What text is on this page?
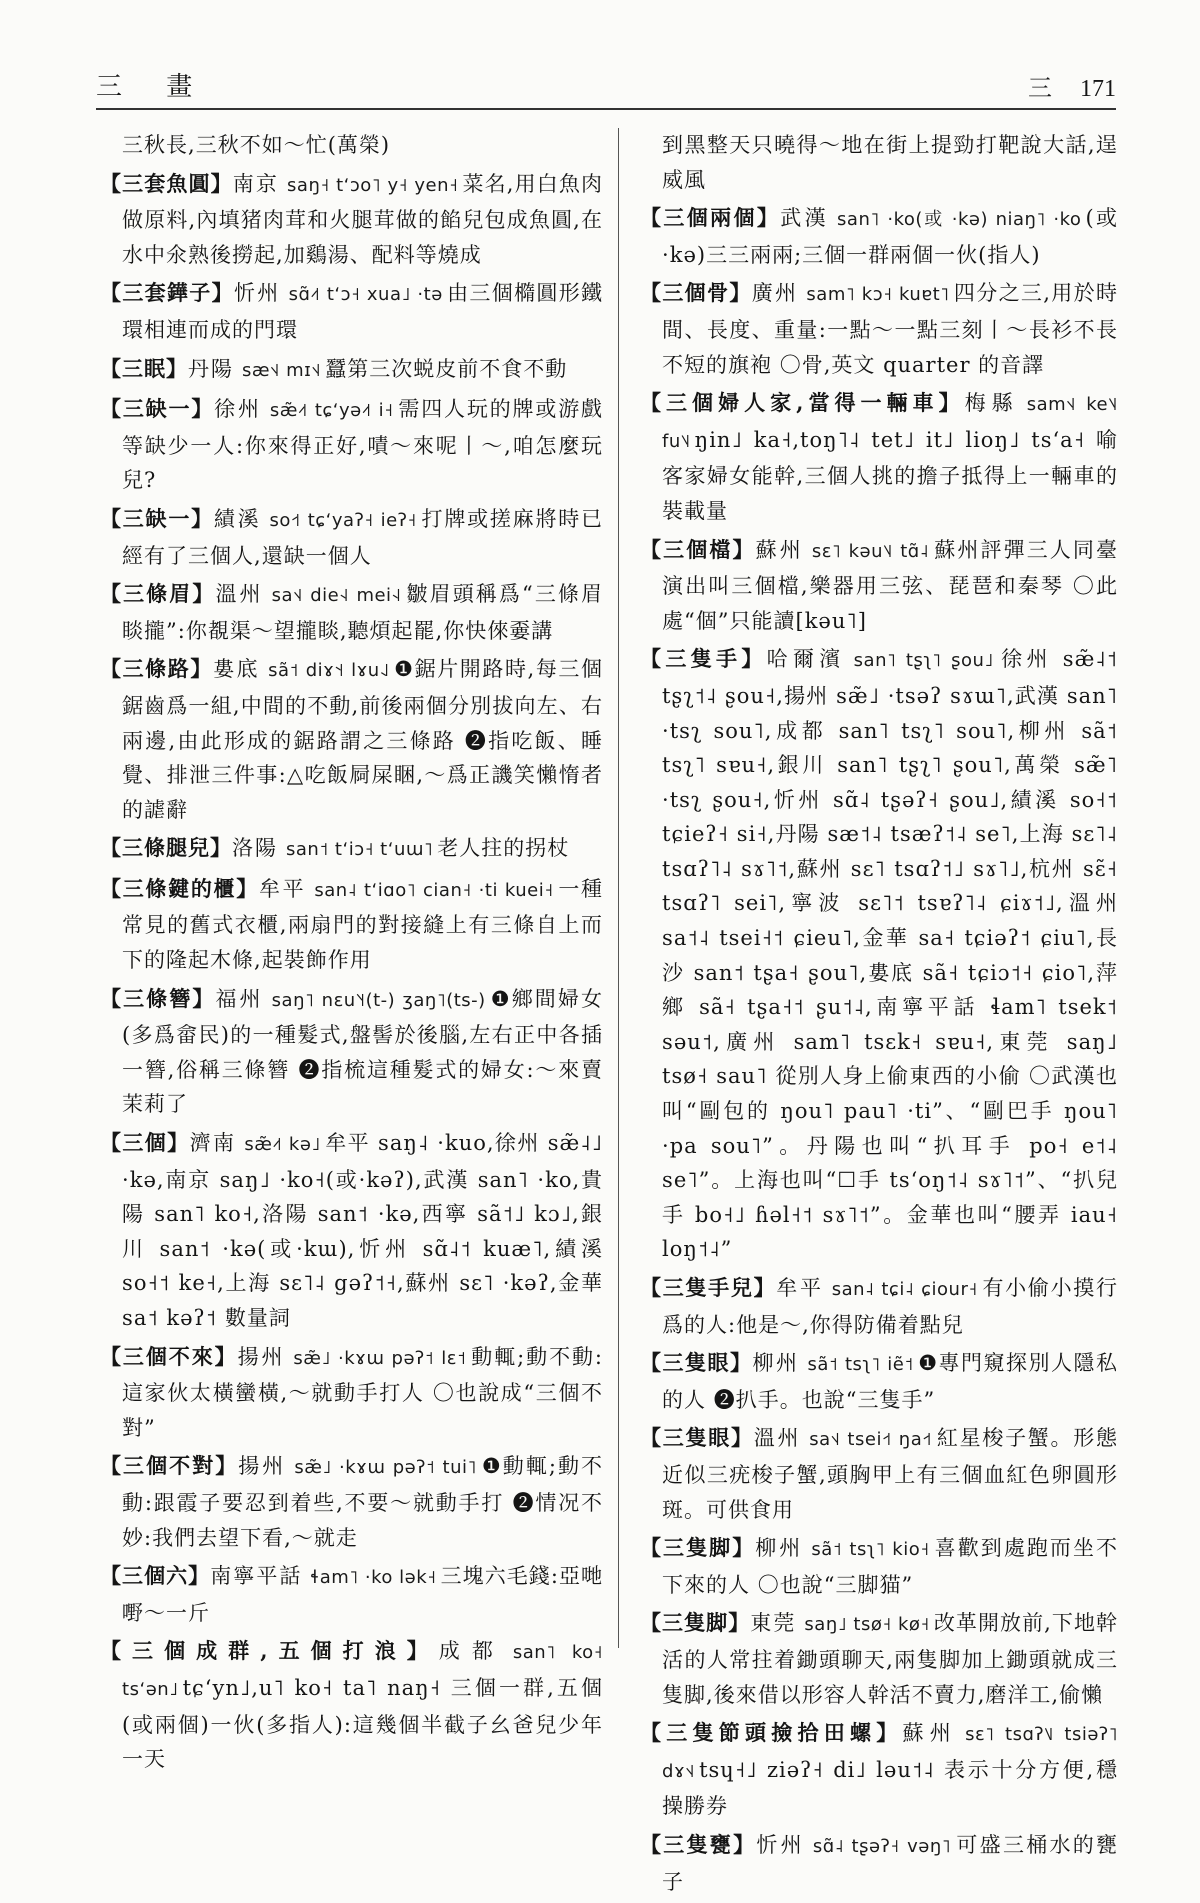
三 畫	三 171
三秋長,三秋不如～忙(萬榮)
【三套魚圓】南京 saŋ˧ tʻɔo˥ y˧ yen˧ 菜名,用白魚肉做原料,內填猪肉茸和火腿茸做的餡兒包成魚圓,在水中氽熟後撈起,加鷄湯、配料等燒成
【三套鏵子】忻州 sɑ̃˨˦ tʻɔ˧ xua˩ ·tə 由三個橢圓形鐵環相連而成的門環
【三眠】丹陽 sæ˦˨ mɪ˦˨ 蠶第三次蜕皮前不食不動
【三缺一】徐州 sæ̃˨˦ tɕʻyə˨˦ i˧ 需四人玩的牌或游戲等缺少一人:你來得正好,嘖～來呢丨～,咱怎麼玩兒?
【三缺一】績溪 so˧˦ tɕʻyaʔ˧ ieʔ˧ 打牌或搓麻將時已經有了三個人,還缺一個人
【三條眉】溫州 sa˦˨ die˧˨ mei˧˨ 皺眉頭稱爲“三條眉睒攏”:你覩渠～望攏睒,聽煩起罷,你快倈嫑講
【三條路】婁底 sã˦ diɤ˦˧ lɤu˨˩ ❶鋸片開路時,每三個鋸齒爲一組,中間的不動,前後兩個分別拔向左、右兩邊,由此形成的鋸路謂之三條路 ❷指吃飯、睡覺、排泄三件事:△吃飯屙屎睏,～爲正譏笑懶惰者的謔辭
【三條腿兒】洛陽 san˦ tʻiɔ˧ tʻuɯ˥ 老人拄的拐杖
【三條鍵的櫃】牟平 san˨ tʻiɑo˥ cian˧ ·ti kuei˧ 一種常見的舊式衣櫃,兩扇門的對接縫上有三條自上而下的隆起木條,起裝飾作用
【三條簪】福州 saŋ˥ nɛu˥˧(t-) ʒaŋ˥(ts-) ❶鄉間婦女(多爲畲民)的一種髮式,盤髻於後腦,左右正中各插一簪,俗稱三條簪 ❷指梳這種髮式的婦女:～來賣茉莉了
【三個】濟南 sæ̃˨˦ kə˩ 牟平 saŋ˨ ·kuo,徐州 sæ̃˨˩ ·kə,南京 saŋ˩ ·ko˧(或·kəʔ),武漢 san˥ ·ko,貴陽 san˥ ko˧,洛陽 san˦ ·kə,西寧 sã˦˩ kɔ˩,銀川 san˦ ·kə(或·kɯ),忻州 sɑ̃˨˦ kuæ˥,績溪 so˧˦ ke˧,上海 sɛ˥˨ gəʔ˦˧,蘇州 sɛ˥ ·kəʔ,金華 sa˦ kəʔ˦ 數量詞
【三個不來】揚州 sæ̃˩ ·kɤɯ pəʔ˦ lɛ˦ 動輒;動不動:這家伙太橫蠻橫,～就動手打人 〇也說成“三個不對”
【三個不對】揚州 sæ̃˩ ·kɤɯ pəʔ˦ tui˥ ❶動輒;動不動:跟霞子要忍到着些,不要～就動手打 ❷情况不妙:我們去望下看,～就走
【三個六】南寧平話 ɬam˥ ·ko lək˧ 三塊六毛錢:亞哋嘢～一斤
【三個成群,五個打浪】成都 san˥ ko˧ tsʻən˩ tɕʻyn˩,u˥ ko˧ ta˥ naŋ˧ 三個一群,五個(或兩個)一伙(多指人):這幾個半截子幺爸兒少年一天
到黑整天只曉得～地在街上提勁打靶說大話,逞威風
【三個兩個】武漢 san˥ ·ko(或 ·kə) niaŋ˥ ·ko (或 ·kə)三三兩兩;三個一群兩個一伙(指人)
【三個骨】廣州 sam˥ kɔ˧ kuɐt˥ 四分之三,用於時間、長度、重量:一點～一點三刻丨～長衫不長不短的旗袍 〇骨,英文 quarter 的音譯
【三個婦人家,當得一輛車】梅縣 sam˦˨ ke˥˨ fu˥˨ ŋin˩ ka˧,toŋ˥˨ tet˩ it˩ lioŋ˩ tsʻa˧ 喻客家婦女能幹,三個人挑的擔子抵得上一輛車的裝載量
【三個檔】蘇州 sɛ˥ kəu˥˨ tɑ̃˨ 蘇州評彈三人同臺演出叫三個檔,樂器用三弦、琵琶和秦琴 〇此處“個”只能讀[kəu˥]
【三隻手】哈爾濱 san˥ tʂʅ˥ ʂou˩ 徐州 sæ̃˨˦ tʂʅ˦˨ ʂou˧,揚州 sæ̃˩ ·tsəʔ sɤɯ˥,武漢 san˥ ·tsʅ sou˥,成都 san˥ tsʅ˥ sou˥,柳州 sã˦ tsʅ˥ sɐu˧,銀川 san˥ tʂʅ˥ ʂou˥,萬榮 sæ̃˥ ·tsʅ ʂou˧,忻州 sɑ̃˨ tʂəʔ˧ ʂou˩,績溪 so˧˦ tɕieʔ˧ si˧,丹陽 sæ˦˨ tsæʔ˦˨ se˥,上海 sɛ˥˨ tsɑʔ˥˨ sɤ˥˦,蘇州 sɛ˥ tsɑʔ˦˩ sɤ˥˩,杭州 sɛ̃˧ tsɑʔ˥ sei˥,寧波 sɛ˥˦ tsɐʔ˥˨ ɕiɤ˦˩,溫州 sa˦˨ tsei˧˦ ɕieu˥,金華 sa˧ tɕiəʔ˦ ɕiu˥,長沙 san˦ tʂa˧ ʂou˥,婁底 sã˧ tɕiɔ˦˧ ɕio˥,萍鄉 sã˧ tʂa˧˦ ʂu˦˨,南寧平話 ɬam˥ tsek˦ səu˦,廣州 sam˥ tsɛk˧ sɐu˧,東莞 saŋ˩ tsø˧ sau˥ 從別人身上偷東西的小偷 〇武漢也叫“剾包的 ŋou˥ pau˥ ·ti”、“剾巴手 ŋou˥ ·pa sou˥”。丹陽也叫“扒耳手 po˧ e˦˨ se˥”。上海也叫“☐手 tsʻoŋ˦˨ sɤ˥˦”、“扒兒手 bo˧˩ ɦəl˧˦ sɤ˥˦”。金華也叫“腰弄 iau˧ loŋ˦˨”
【三隻手兒】牟平 san˨ tɕi˨ ɕiour˧ 有小偷小摸行爲的人:他是～,你得防備着點兒
【三隻眼】柳州 sã˦ tsʅ˥ iẽ˦ ❶專門窺探別人隱私的人 ❷扒手。也說“三隻手”
【三隻眼】溫州 sa˦˨ tsei˧˦ ŋa˧˦ 紅星梭子蟹。形態近似三疣梭子蟹,頭胸甲上有三個血紅色卵圓形斑。可供食用
【三隻脚】柳州 sã˦ tsʅ˥ kio˧ 喜歡到處跑而坐不下來的人 〇也說“三脚猫”
【三隻脚】東莞 saŋ˩ tsø˧ kø˧ 改革開放前,下地幹活的人常拄着鋤頭聊天,兩隻脚加上鋤頭就成三隻脚,後來借以形容人幹活不賣力,磨洋工,偷懶
【三隻節頭撿拾田螺】蘇州 sɛ˥ tsɑʔ˥˩ tsiəʔ˥ dɤ˦˨ tsɥ˧˩ ziəʔ˧ di˩ ləu˦˨ 表示十分方便,穩操勝券
【三隻甕】忻州 sɑ̃˨ tʂəʔ˧ vəŋ˥ 可盛三桶水的甕子
